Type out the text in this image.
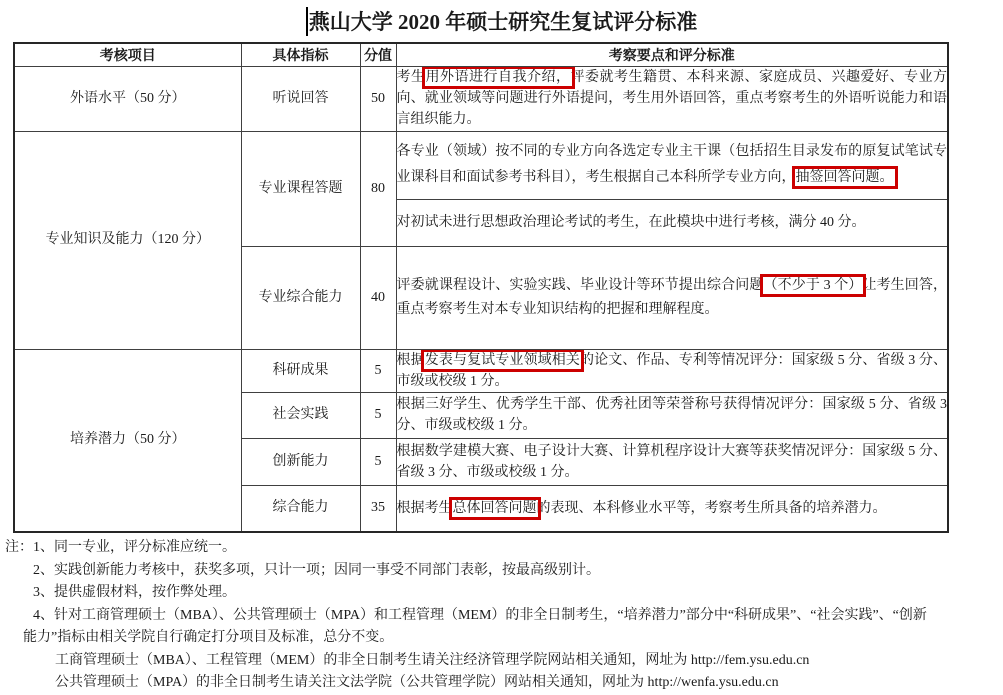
燕山大学 2020 年硕士研究生复试评分标准
考核项目	具体指标	分值	考察要点和评分标准
外语水平（50 分）	听说回答	50	考生用外语进行自我介绍，评委就考生籍贯、本科来源、家庭成员、兴趣爱好、专业方向、就业领域等问题进行外语提问，考生用外语回答，重点考察考生的外语听说能力和语言组织能力。
专业知识及能力（120 分）	专业课程答题	80	各专业（领域）按不同的专业方向各选定专业主干课（包括招生目录发布的原复试笔试专业课科目和面试参考书科目），考生根据自己本科所学专业方向，抽签回答问题。
			对初试未进行思想政治理论考试的考生，在此模块中进行考核，满分 40 分。
	专业综合能力	40	评委就课程设计、实验实践、毕业设计等环节提出综合问题（不少于 3 个）让考生回答，重点考察考生对本专业知识结构的把握和理解程度。
培养潜力（50 分）	科研成果	5	根据发表与复试专业领域相关的论文、作品、专利等情况评分：国家级 5 分、省级 3 分、市级或校级 1 分。
	社会实践	5	根据三好学生、优秀学生干部、优秀社团等荣誉称号获得情况评分：国家级 5 分、省级 3 分、市级或校级 1 分。
	创新能力	5	根据数学建模大赛、电子设计大赛、计算机程序设计大赛等获奖情况评分：国家级 5 分、省级 3 分、市级或校级 1 分。
	综合能力	35	根据考生总体回答问题的表现、本科修业水平等，考察考生所具备的培养潜力。
注：1、同一专业，评分标准应统一。
2、实践创新能力考核中，获奖多项，只计一项；因同一事受不同部门表彰，按最高级别计。
3、提供虚假材料，按作弊处理。
4、针对工商管理硕士（MBA）、公共管理硕士（MPA）和工程管理（MEM）的非全日制考生，“培养潜力”部分中“科研成果”、“社会实践”、“创新
能力”指标由相关学院自行确定打分项目及标准，总分不变。
工商管理硕士（MBA）、工程管理（MEM）的非全日制考生请关注经济管理学院网站相关通知，网址为 http://fem.ysu.edu.cn
公共管理硕士（MPA）的非全日制考生请关注文法学院（公共管理学院）网站相关通知，网址为 http://wenfa.ysu.edu.cn
